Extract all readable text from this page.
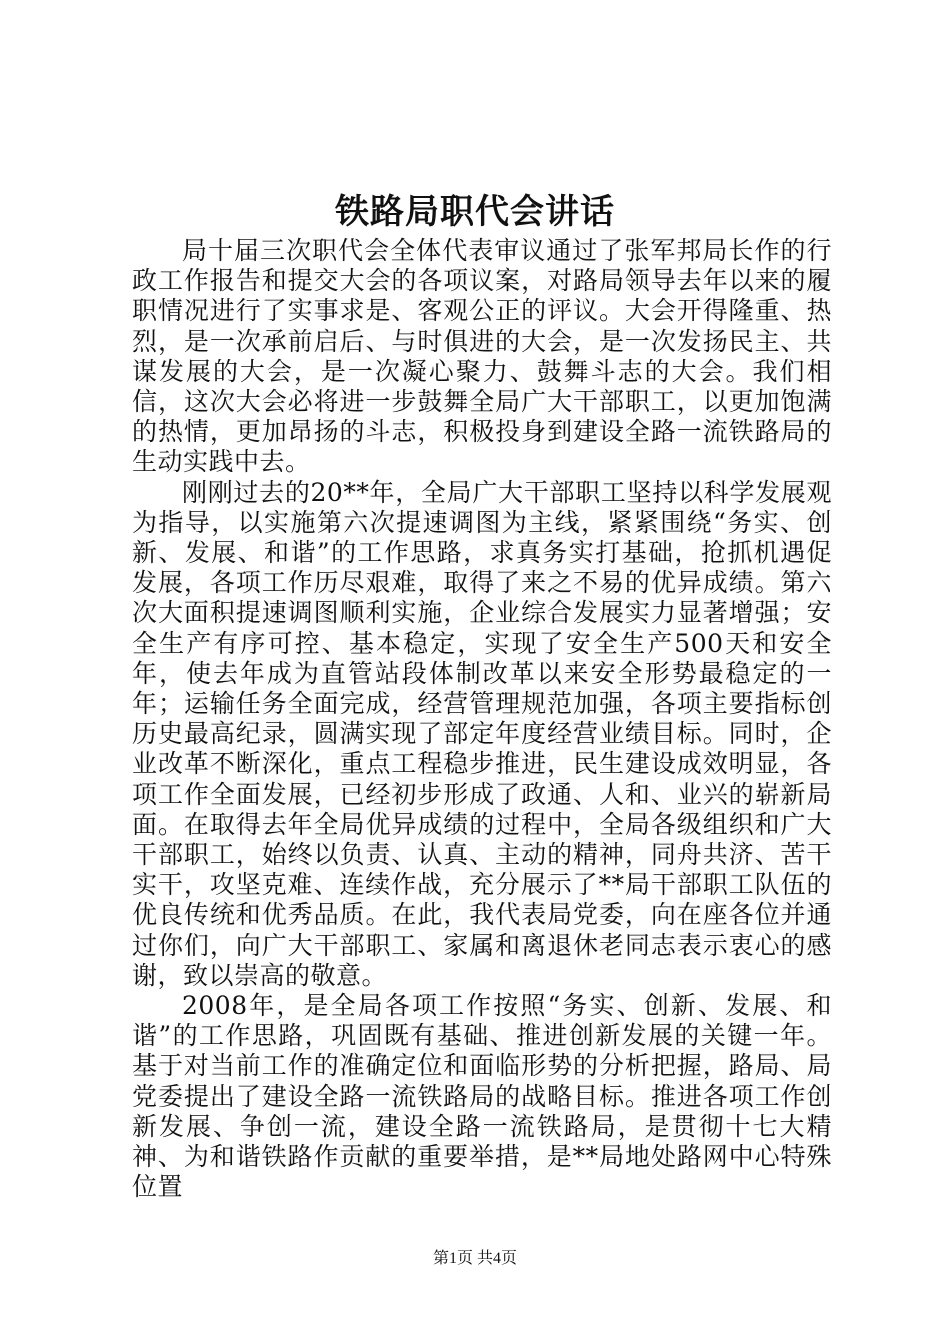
铁路局职代会讲话

局十届三次职代会全体代表审议通过了张军邦局长作的行政工作报告和提交大会的各项议案，对路局领导去年以来的履职情况进行了实事求是、客观公正的评议。大会开得隆重、热烈，是一次承前启后、与时俱进的大会，是一次发扬民主、共谋发展的大会，是一次凝心聚力、鼓舞斗志的大会。我们相信，这次大会必将进一步鼓舞全局广大干部职工，以更加饱满的热情，更加昂扬的斗志，积极投身到建设全路一流铁路局的生动实践中去。

刚刚过去的20**年，全局广大干部职工坚持以科学发展观为指导，以实施第六次提速调图为主线，紧紧围绕“务实、创新、发展、和谐”的工作思路，求真务实打基础，抢抓机遇促发展，各项工作历尽艰难，取得了来之不易的优异成绩。第六次大面积提速调图顺利实施，企业综合发展实力显著增强；安全生产有序可控、基本稳定，实现了安全生产500天和安全年，使去年成为直管站段体制改革以来安全形势最稳定的一年；运输任务全面完成，经营管理规范加强，各项主要指标创历史最高纪录，圆满实现了部定年度经营业绩目标。同时，企业改革不断深化，重点工程稳步推进，民生建设成效明显，各项工作全面发展，已经初步形成了政通、人和、业兴的崭新局面。在取得去年全局优异成绩的过程中，全局各级组织和广大干部职工，始终以负责、认真、主动的精神，同舟共济、苦干实干，攻坚克难、连续作战，充分展示了**局干部职工队伍的优良传统和优秀品质。在此，我代表局党委，向在座各位并通过你们，向广大干部职工、家属和离退休老同志表示衷心的感谢，致以崇高的敬意。

2008年，是全局各项工作按照“务实、创新、发展、和谐”的工作思路，巩固既有基础、推进创新发展的关键一年。基于对当前工作的准确定位和面临形势的分析把握，路局、局党委提出了建设全路一流铁路局的战略目标。推进各项工作创新发展、争创一流，建设全路一流铁路局，是贯彻十七大精神、为和谐铁路作贡献的重要举措，是**局地处路网中心特殊位置

第1页 共4页
